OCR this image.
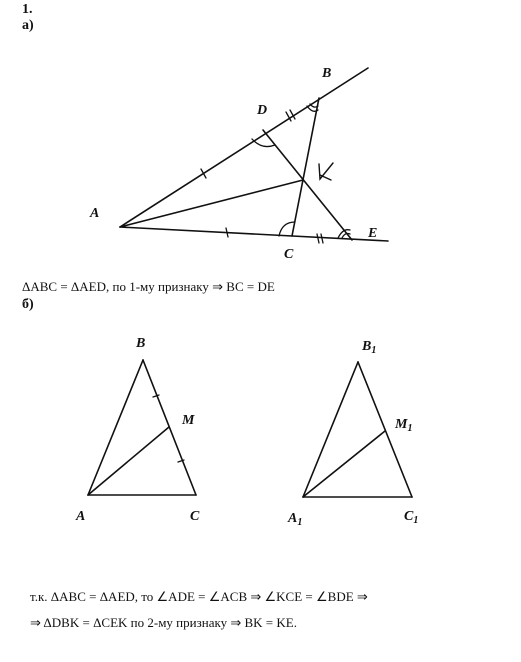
1.
а)
B
D
A
C
E
ΔABC = ΔAED, по 1-му признаку ⇒ BC = DE
б)
B
M
A	C
$B_1$
$M_1$
$A_1$	$C_1$
т.к. ΔABC = ΔAED, то ∠ADE = ∠ACB ⇒ ∠KCE = ∠BDE ⇒
⇒ ΔDBK = ΔCEK по 2-му признаку ⇒ BK = KE.
